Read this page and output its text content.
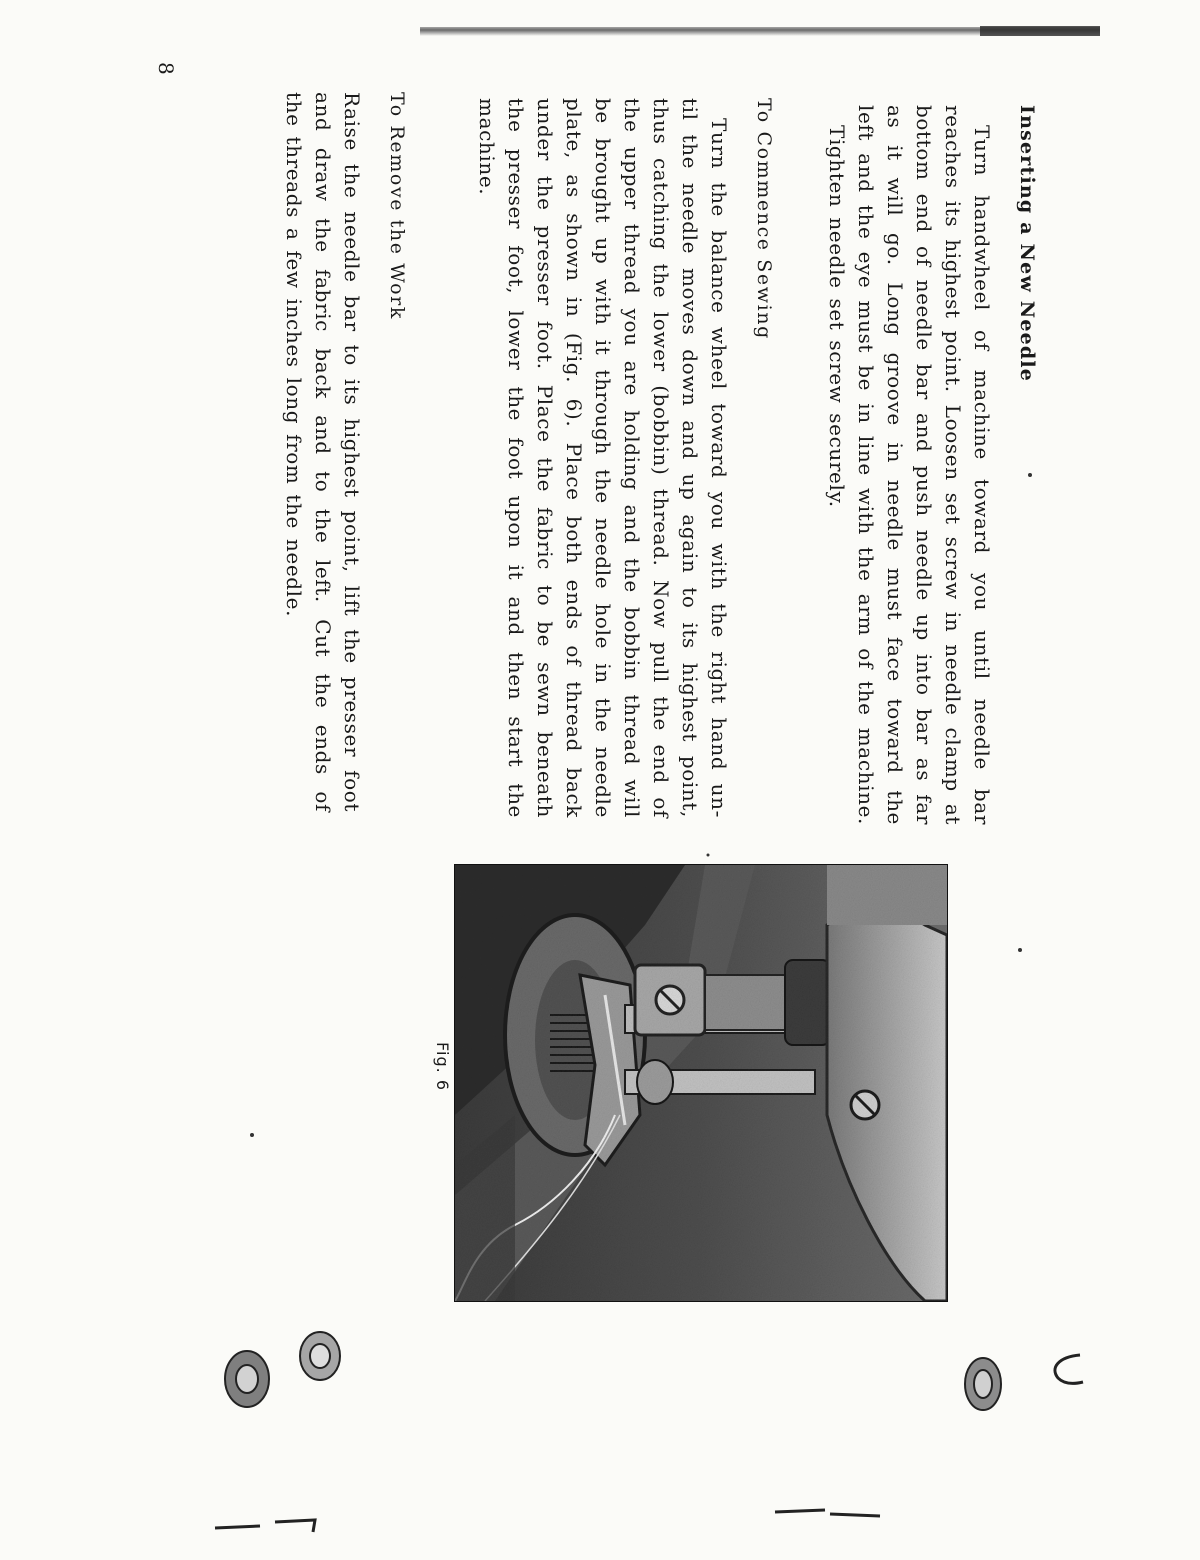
Inserting a New Needle

Turn handwheel of machine toward you until needle bar

reaches its highest point. Loosen set screw in needle clamp at

bottom end of needle bar and push needle up into bar as far

as it will go. Long groove in needle must face toward the

left and the eye must be in line with the arm of the machine.

Tighten needle set screw securely.

To Commence Sewing

Turn the balance wheel toward you with the right hand un-

til the needle moves down and up again to its highest point,

thus catching the lower (bobbin) thread. Now pull the end of

the upper thread you are holding and the bobbin thread will

be brought up with it through the needle hole in the needle

plate, as shown in (Fig. 6). Place both ends of thread back

under the presser foot. Place the fabric to be sewn beneath

the presser foot, lower the foot upon it and then start the

machine.

To Remove the Work

Raise the needle bar to its highest point, lift the presser foot

and draw the fabric back and to the left. Cut the ends of

the threads a few inches long from the needle.

8
Fig. 6
